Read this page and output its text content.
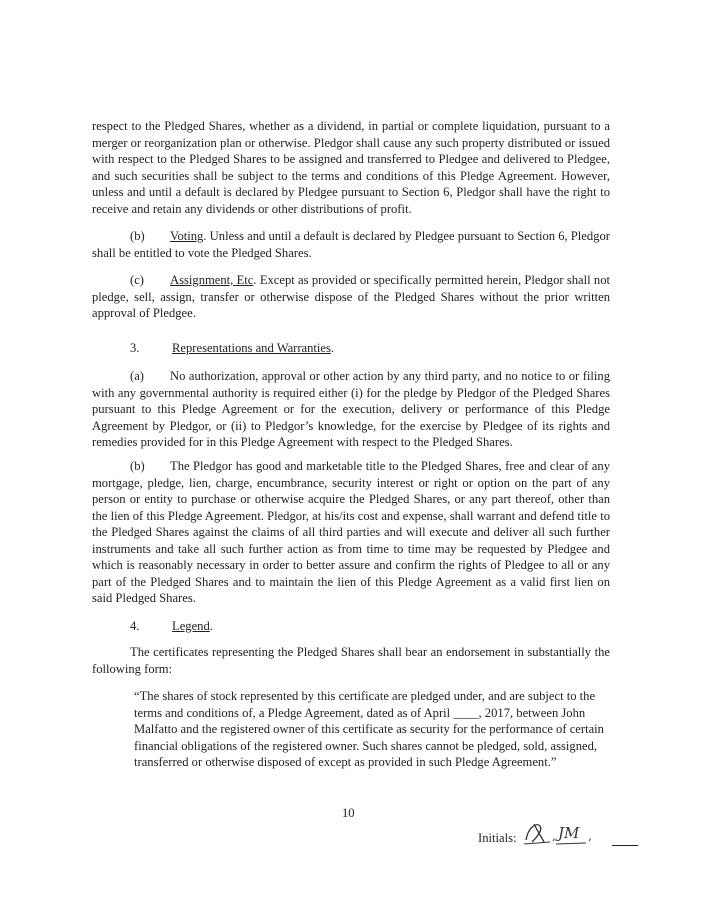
respect to the Pledged Shares, whether as a dividend, in partial or complete liquidation, pursuant to a merger or reorganization plan or otherwise. Pledgor shall cause any such property distributed or issued with respect to the Pledged Shares to be assigned and transferred to Pledgee and delivered to Pledgee, and such securities shall be subject to the terms and conditions of this Pledge Agreement. However, unless and until a default is declared by Pledgee pursuant to Section 6, Pledgor shall have the right to receive and retain any dividends or other distributions of profit.

(b) Voting. Unless and until a default is declared by Pledgee pursuant to Section 6, Pledgor shall be entitled to vote the Pledged Shares.

(c) Assignment, Etc. Except as provided or specifically permitted herein, Pledgor shall not pledge, sell, assign, transfer or otherwise dispose of the Pledged Shares without the prior written approval of Pledgee.

3.	Representations and Warranties.

(a) No authorization, approval or other action by any third party, and no notice to or filing with any governmental authority is required either (i) for the pledge by Pledgor of the Pledged Shares pursuant to this Pledge Agreement or for the execution, delivery or performance of this Pledge Agreement by Pledgor, or (ii) to Pledgor’s knowledge, for the exercise by Pledgee of its rights and remedies provided for in this Pledge Agreement with respect to the Pledged Shares.

(b) The Pledgor has good and marketable title to the Pledged Shares, free and clear of any mortgage, pledge, lien, charge, encumbrance, security interest or right or option on the part of any person or entity to purchase or otherwise acquire the Pledged Shares, or any part thereof, other than the lien of this Pledge Agreement. Pledgor, at his/its cost and expense, shall warrant and defend title to the Pledged Shares against the claims of all third parties and will execute and deliver all such further instruments and take all such further action as from time to time may be requested by Pledgee and which is reasonably necessary in order to better assure and confirm the rights of Pledgee to all or any part of the Pledged Shares and to maintain the lien of this Pledge Agreement as a valid first lien on said Pledged Shares.

4.	Legend.

The certificates representing the Pledged Shares shall bear an endorsement in substantially the following form:

“The shares of stock represented by this certificate are pledged under, and are subject to the terms and conditions of, a Pledge Agreement, dated as of April ____, 2017, between John Malfatto and the registered owner of this certificate as security for the performance of certain financial obligations of the registered owner. Such shares cannot be pledged, sold, assigned, transferred or otherwise disposed of except as provided in such Pledge Agreement.”

10
Initials:	, JM ,
